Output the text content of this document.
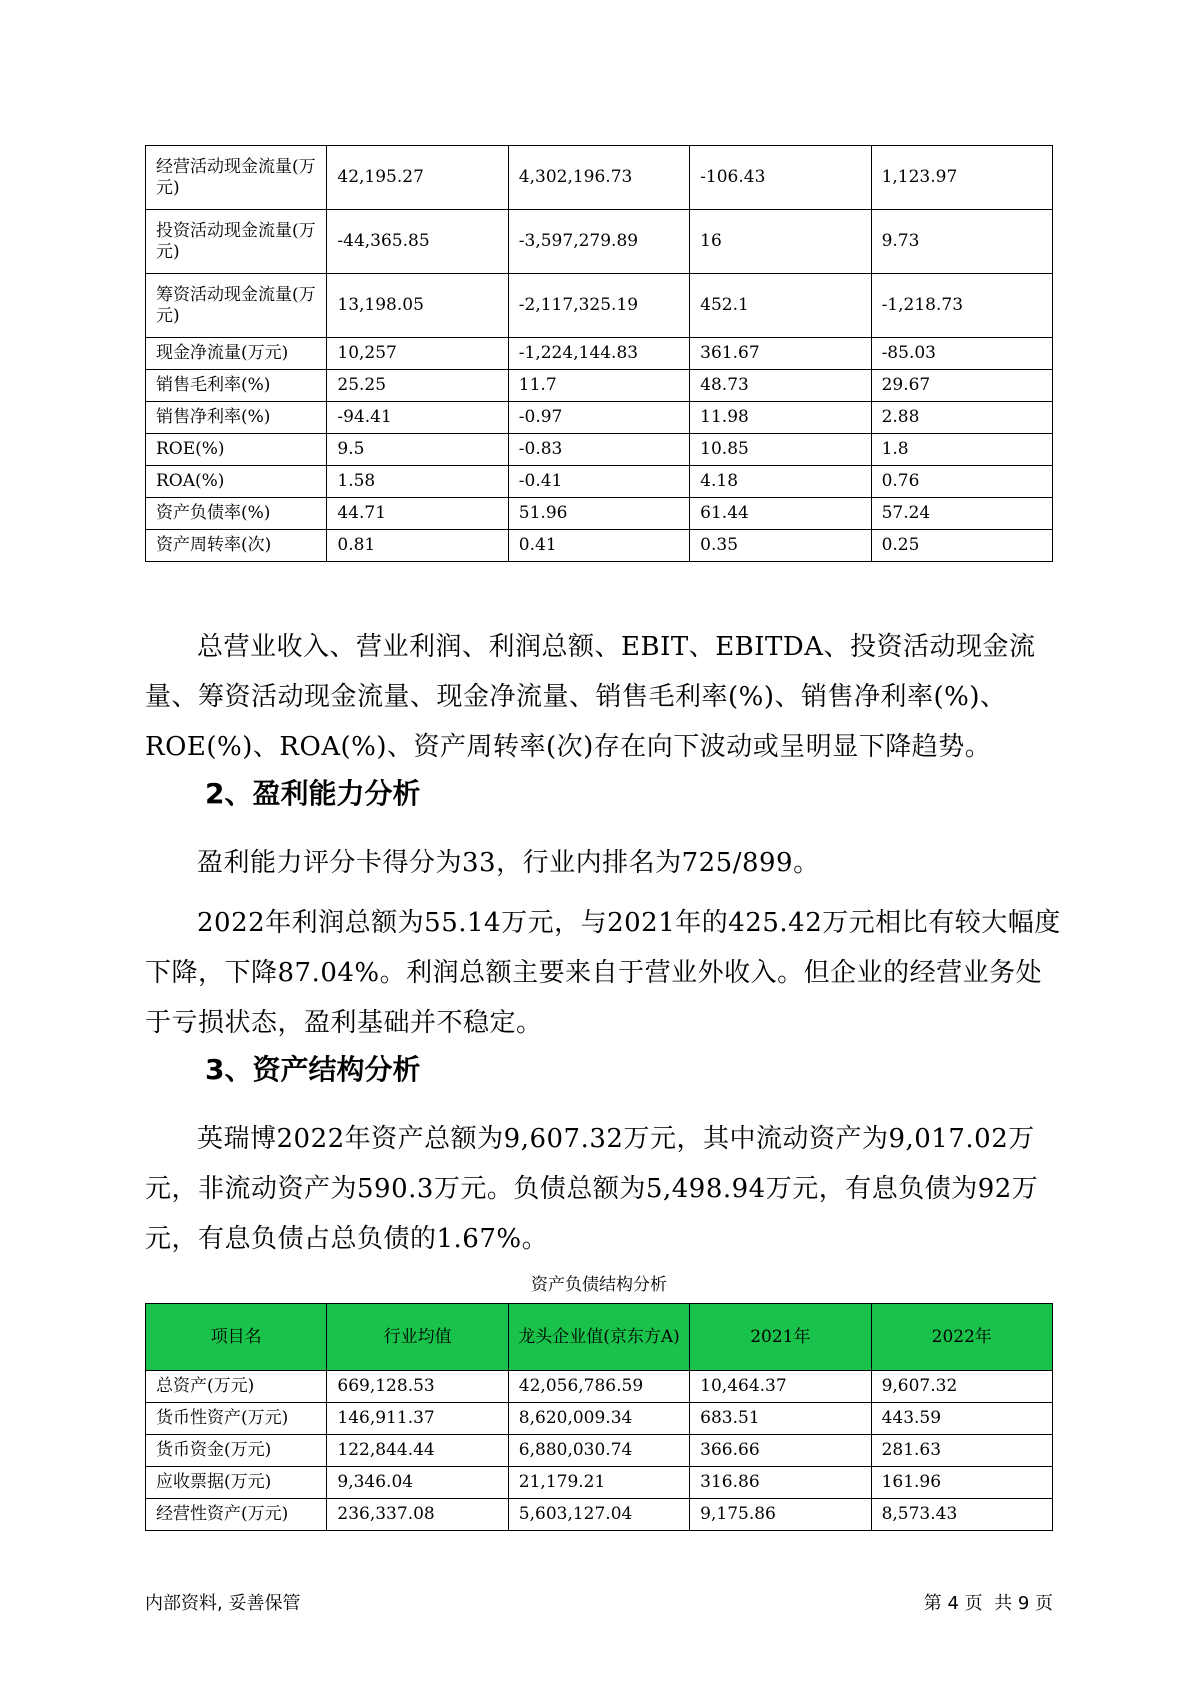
经营活动现金流量(万元)	42,195.27	4,302,196.73	-106.43	1,123.97
投资活动现金流量(万元)	-44,365.85	-3,597,279.89	16	9.73
筹资活动现金流量(万元)	13,198.05	-2,117,325.19	452.1	-1,218.73
现金净流量(万元)	10,257	-1,224,144.83	361.67	-85.03
销售毛利率(%)	25.25	11.7	48.73	29.67
销售净利率(%)	-94.41	-0.97	11.98	2.88
ROE(%)	9.5	-0.83	10.85	1.8
ROA(%)	1.58	-0.41	4.18	0.76
资产负债率(%)	44.71	51.96	61.44	57.24
资产周转率(次)	0.81	0.41	0.35	0.25

总营业收入、营业利润、利润总额、EBIT、EBITDA、投资活动现金流量、筹资活动现金流量、现金净流量、销售毛利率(%)、销售净利率(%)、ROE(%)、ROA(%)、资产周转率(次)存在向下波动或呈明显下降趋势。

2、盈利能力分析

盈利能力评分卡得分为33，行业内排名为725/899。

2022年利润总额为55.14万元，与2021年的425.42万元相比有较大幅度下降，下降87.04%。利润总额主要来自于营业外收入。但企业的经营业务处于亏损状态，盈利基础并不稳定。

3、资产结构分析

英瑞博2022年资产总额为9,607.32万元，其中流动资产为9,017.02万元，非流动资产为590.3万元。负债总额为5,498.94万元，有息负债为92万元，有息负债占总负债的1.67%。

资产负债结构分析

项目名	行业均值	龙头企业值(京东方A)	2021年	2022年
总资产(万元)	669,128.53	42,056,786.59	10,464.37	9,607.32
货币性资产(万元)	146,911.37	8,620,009.34	683.51	443.59
货币资金(万元)	122,844.44	6,880,030.74	366.66	281.63
应收票据(万元)	9,346.04	21,179.21	316.86	161.96
经营性资产(万元)	236,337.08	5,603,127.04	9,175.86	8,573.43

内部资料, 妥善保管	第 4 页  共 9 页
